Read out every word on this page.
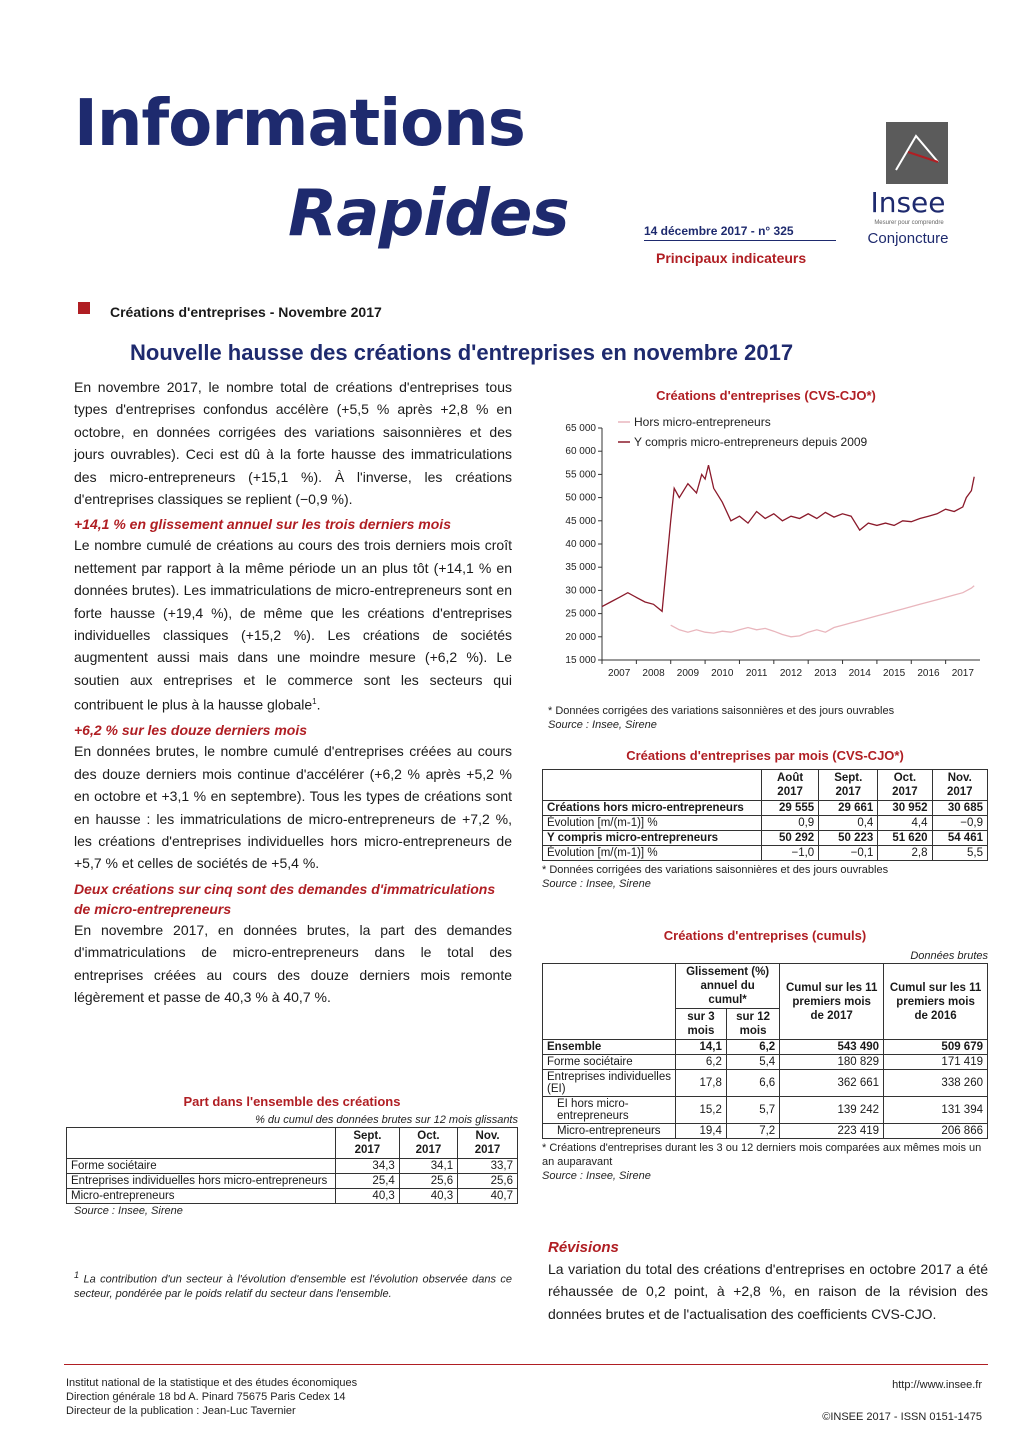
Informations
Rapides	14 décembre 2017 - n° 325
Principaux indicateurs
Insee
Mesurer pour comprendre
Conjoncture
Créations d'entreprises - Novembre 2017
Nouvelle hausse des créations d'entreprises en novembre 2017
En novembre 2017, le nombre total de créations d'entreprises tous types d'entreprises confondus accélère (+5,5 % après +2,8 % en octobre, en données corrigées des variations saisonnières et des jours ouvrables). Ceci est dû à la forte hausse des immatriculations des micro-entrepreneurs (+15,1 %). À l'inverse, les créations d'entreprises classiques se replient (−0,9 %).
+14,1 % en glissement annuel sur les trois derniers mois
Le nombre cumulé de créations au cours des trois derniers mois croît nettement par rapport à la même période un an plus tôt (+14,1 % en données brutes). Les immatriculations de micro-entrepreneurs sont en forte hausse (+19,4 %), de même que les créations d'entreprises individuelles classiques (+15,2 %). Les créations de sociétés augmentent aussi mais dans une moindre mesure (+6,2 %). Le soutien aux entreprises et le commerce sont les secteurs qui contribuent le plus à la hausse globale$^1$.
+6,2 % sur les douze derniers mois
En données brutes, le nombre cumulé d'entreprises créées au cours des douze derniers mois continue d'accélérer (+6,2 % après +5,2 % en octobre et +3,1 % en septembre). Tous les types de créations sont en hausse : les immatriculations de micro-entrepreneurs de +7,2 %, les créations d'entreprises individuelles hors micro-entrepreneurs de +5,7 % et celles de sociétés de +5,4 %.
Deux créations sur cinq sont des demandes d'immatriculations de micro-entrepreneurs
En novembre 2017, en données brutes, la part des demandes d'immatriculations de micro-entrepreneurs dans le total des entreprises créées au cours des douze derniers mois remonte légèrement et passe de 40,3 % à 40,7 %.
Part dans l'ensemble des créations
% du cumul des données brutes sur 12 mois glissants
	Sept. 2017	Oct. 2017	Nov. 2017
Forme sociétaire	34,3	34,1	33,7
Entreprises individuelles hors micro-entrepreneurs	25,4	25,6	25,6
Micro-entrepreneurs	40,3	40,3	40,7
Source : Insee, Sirene
$^1$ La contribution d'un secteur à l'évolution d'ensemble est l'évolution observée dans ce secteur, pondérée par le poids relatif du secteur dans l'ensemble.
Créations d'entreprises (CVS-CJO*)
65 000
60 000
55 000
50 000
45 000
40 000
35 000
30 000
25 000
20 000
15 000
2007 2008 2009 2010 2011 2012 2013 2014 2015 2016 2017
Hors micro-entrepreneurs
Y compris micro-entrepreneurs depuis 2009
* Données corrigées des variations saisonnières et des jours ouvrables
Source : Insee, Sirene
Créations d'entreprises par mois (CVS-CJO*)
	Août 2017	Sept. 2017	Oct. 2017	Nov. 2017
Créations hors micro-entrepreneurs	29 555	29 661	30 952	30 685
Évolution [m/(m-1)] %	0,9	0,4	4,4	−0,9
Y compris micro-entrepreneurs	50 292	50 223	51 620	54 461
Évolution [m/(m-1)] %	−1,0	−0,1	2,8	5,5
* Données corrigées des variations saisonnières et des jours ouvrables
Source : Insee, Sirene
Créations d'entreprises (cumuls)
Données brutes
	Glissement (%) annuel du cumul*		Cumul sur les 11 premiers mois de 2017	Cumul sur les 11 premiers mois de 2016
	sur 3 mois	sur 12 mois		
Ensemble	14,1	6,2	543 490	509 679
Forme sociétaire	6,2	5,4	180 829	171 419
Entreprises individuelles (EI)	17,8	6,6	362 661	338 260
EI hors micro-entrepreneurs	15,2	5,7	139 242	131 394
Micro-entrepreneurs	19,4	7,2	223 419	206 866
* Créations d'entreprises durant les 3 ou 12 derniers mois comparées aux mêmes mois un an auparavant
Source : Insee, Sirene
Révisions
La variation du total des créations d'entreprises en octobre 2017 a été réhaussée de 0,2 point, à +2,8 %, en raison de la révision des données brutes et de l'actualisation des coefficients CVS-CJO.
Institut national de la statistique et des études économiques
Direction générale 18 bd A. Pinard 75675 Paris Cedex 14
Directeur de la publication : Jean-Luc Tavernier
http://www.insee.fr
©INSEE 2017 - ISSN 0151-1475
